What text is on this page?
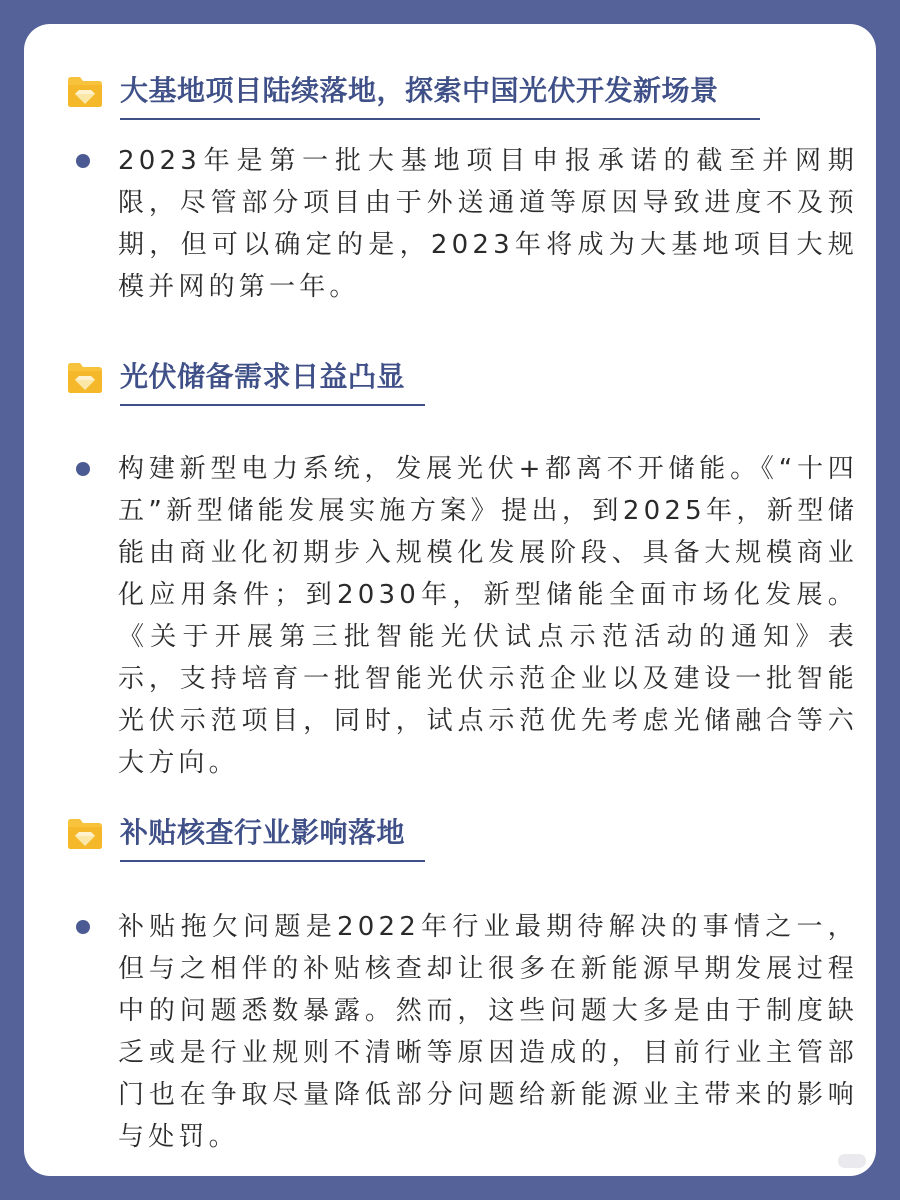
大基地项目陆续落地，探索中国光伏开发新场景
2023年是第一批大基地项目申报承诺的截至并网期限，尽管部分项目由于外送通道等原因导致进度不及预期，但可以确定的是，2023年将成为大基地项目大规模并网的第一年。
光伏储备需求日益凸显
构建新型电力系统，发展光伏+都离不开储能。《“十四五”新型储能发展实施方案》提出，到2025年，新型储能由商业化初期步入规模化发展阶段、具备大规模商业化应用条件；到2030年，新型储能全面市场化发展。《关于开展第三批智能光伏试点示范活动的通知》表示，支持培育一批智能光伏示范企业以及建设一批智能光伏示范项目，同时，试点示范优先考虑光储融合等六大方向。
补贴核查行业影响落地
补贴拖欠问题是2022年行业最期待解决的事情之一，但与之相伴的补贴核查却让很多在新能源早期发展过程中的问题悉数暴露。然而，这些问题大多是由于制度缺乏或是行业规则不清晰等原因造成的，目前行业主管部门也在争取尽量降低部分问题给新能源业主带来的影响与处罚。
